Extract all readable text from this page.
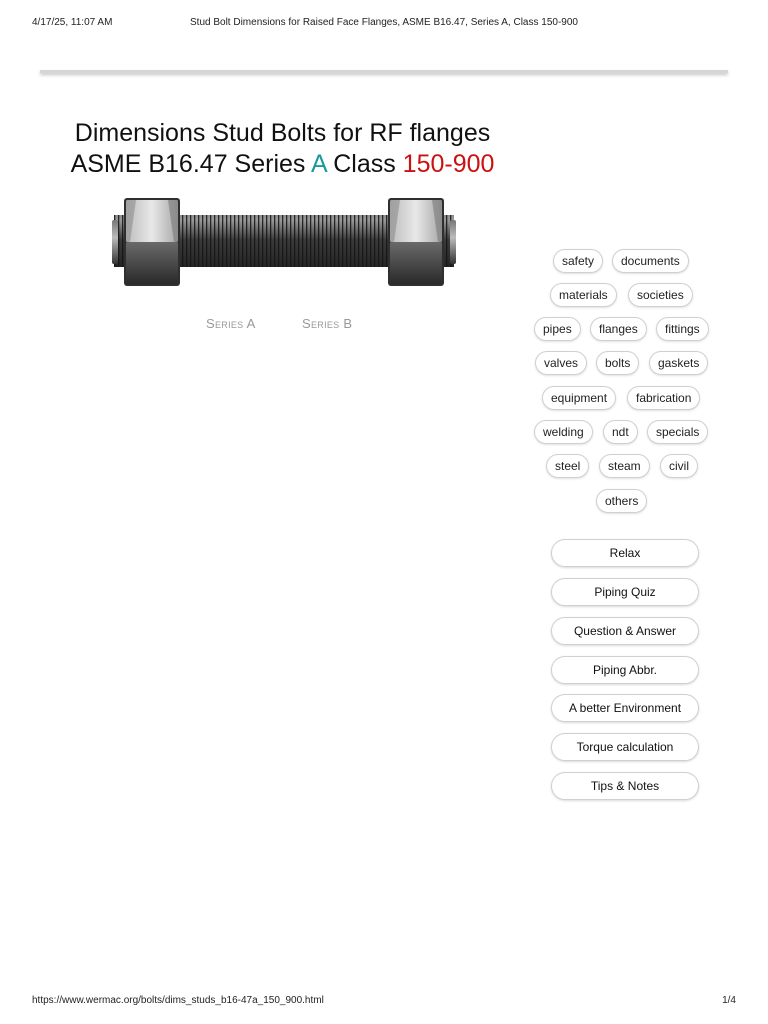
4/17/25, 11:07 AM	Stud Bolt Dimensions for Raised Face Flanges, ASME B16.47, Series A, Class 150-900
Dimensions Stud Bolts for RF flanges
ASME B16.47 Series A Class 150-900
Series A	Series B
safety	documents
materials	societies
pipes	flanges	fittings
valves	bolts	gaskets
equipment	fabrication
welding	ndt	specials
steel	steam	civil
others
Relax
Piping Quiz
Question & Answer
Piping Abbr.
A better Environment
Torque calculation
Tips & Notes
https://www.wermac.org/bolts/dims_studs_b16-47a_150_900.html	1/4
